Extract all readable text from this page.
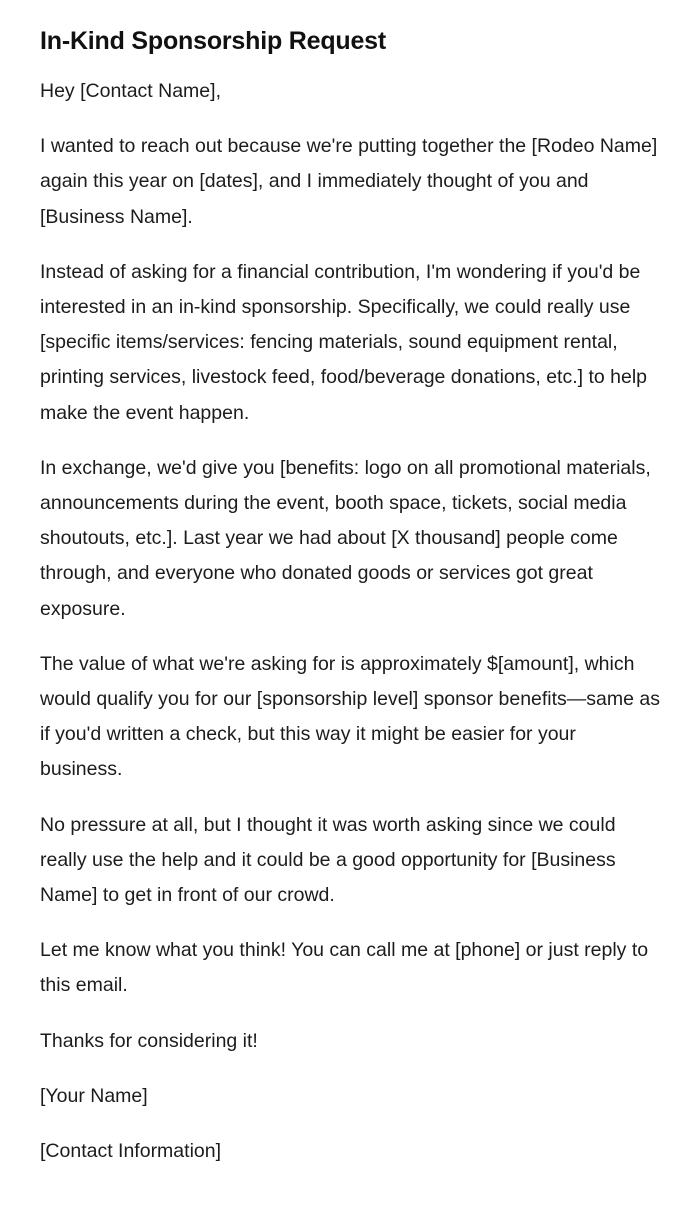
In-Kind Sponsorship Request

Hey [Contact Name],

I wanted to reach out because we're putting together the [Rodeo Name] again this year on [dates], and I immediately thought of you and [Business Name].

Instead of asking for a financial contribution, I'm wondering if you'd be interested in an in-kind sponsorship. Specifically, we could really use [specific items/services: fencing materials, sound equipment rental, printing services, livestock feed, food/beverage donations, etc.] to help make the event happen.

In exchange, we'd give you [benefits: logo on all promotional materials, announcements during the event, booth space, tickets, social media shoutouts, etc.]. Last year we had about [X thousand] people come through, and everyone who donated goods or services got great exposure.

The value of what we're asking for is approximately $[amount], which would qualify you for our [sponsorship level] sponsor benefits—same as if you'd written a check, but this way it might be easier for your business.

No pressure at all, but I thought it was worth asking since we could really use the help and it could be a good opportunity for [Business Name] to get in front of our crowd.

Let me know what you think! You can call me at [phone] or just reply to this email.

Thanks for considering it!

[Your Name]

[Contact Information]
